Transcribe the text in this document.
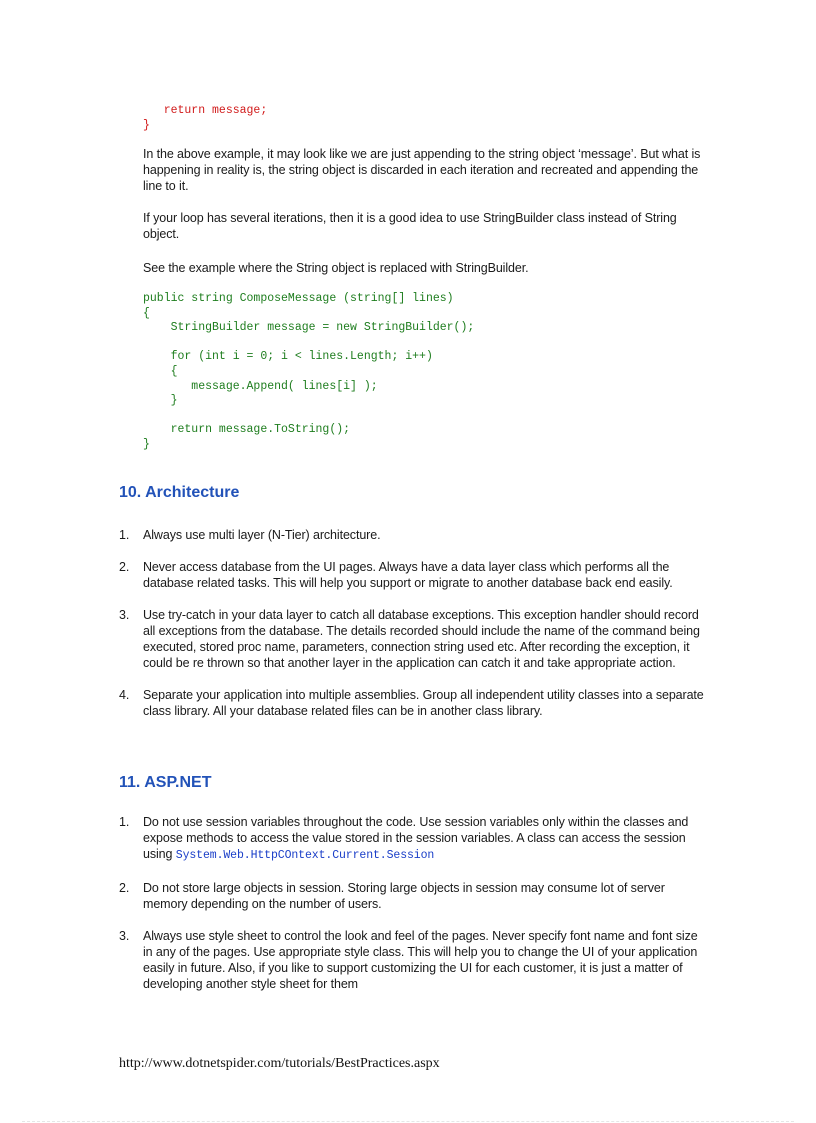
return message;
}
In the above example, it may look like we are just appending to the string object ‘message’. But what is happening in reality is, the string object is discarded in each iteration and recreated and appending the line to it.
If your loop has several iterations, then it is a good idea to use StringBuilder class instead of String object.
See the example where the String object is replaced with StringBuilder.
public string ComposeMessage (string[] lines)
{
StringBuilder message = new StringBuilder();

for (int i = 0; i < lines.Length; i++)
{
message.Append( lines[i] );
}

return message.ToString();
}
10. Architecture
1. Always use multi layer (N-Tier) architecture.
2. Never access database from the UI pages. Always have a data layer class which performs all the database related tasks. This will help you support or migrate to another database back end easily.
3. Use try-catch in your data layer to catch all database exceptions. This exception handler should record all exceptions from the database. The details recorded should include the name of the command being executed, stored proc name, parameters, connection string used etc. After recording the exception, it could be re thrown so that another layer in the application can catch it and take appropriate action.
4. Separate your application into multiple assemblies. Group all independent utility classes into a separate class library. All your database related files can be in another class library.
11. ASP.NET
1. Do not use session variables throughout the code. Use session variables only within the classes and expose methods to access the value stored in the session variables. A class can access the session using System.Web.HttpCOntext.Current.Session
2. Do not store large objects in session. Storing large objects in session may consume lot of server memory depending on the number of users.
3. Always use style sheet to control the look and feel of the pages. Never specify font name and font size in any of the pages. Use appropriate style class. This will help you to change the UI of your application easily in future. Also, if you like to support customizing the UI for each customer, it is just a matter of developing another style sheet for them
http://www.dotnetspider.com/tutorials/BestPractices.aspx
